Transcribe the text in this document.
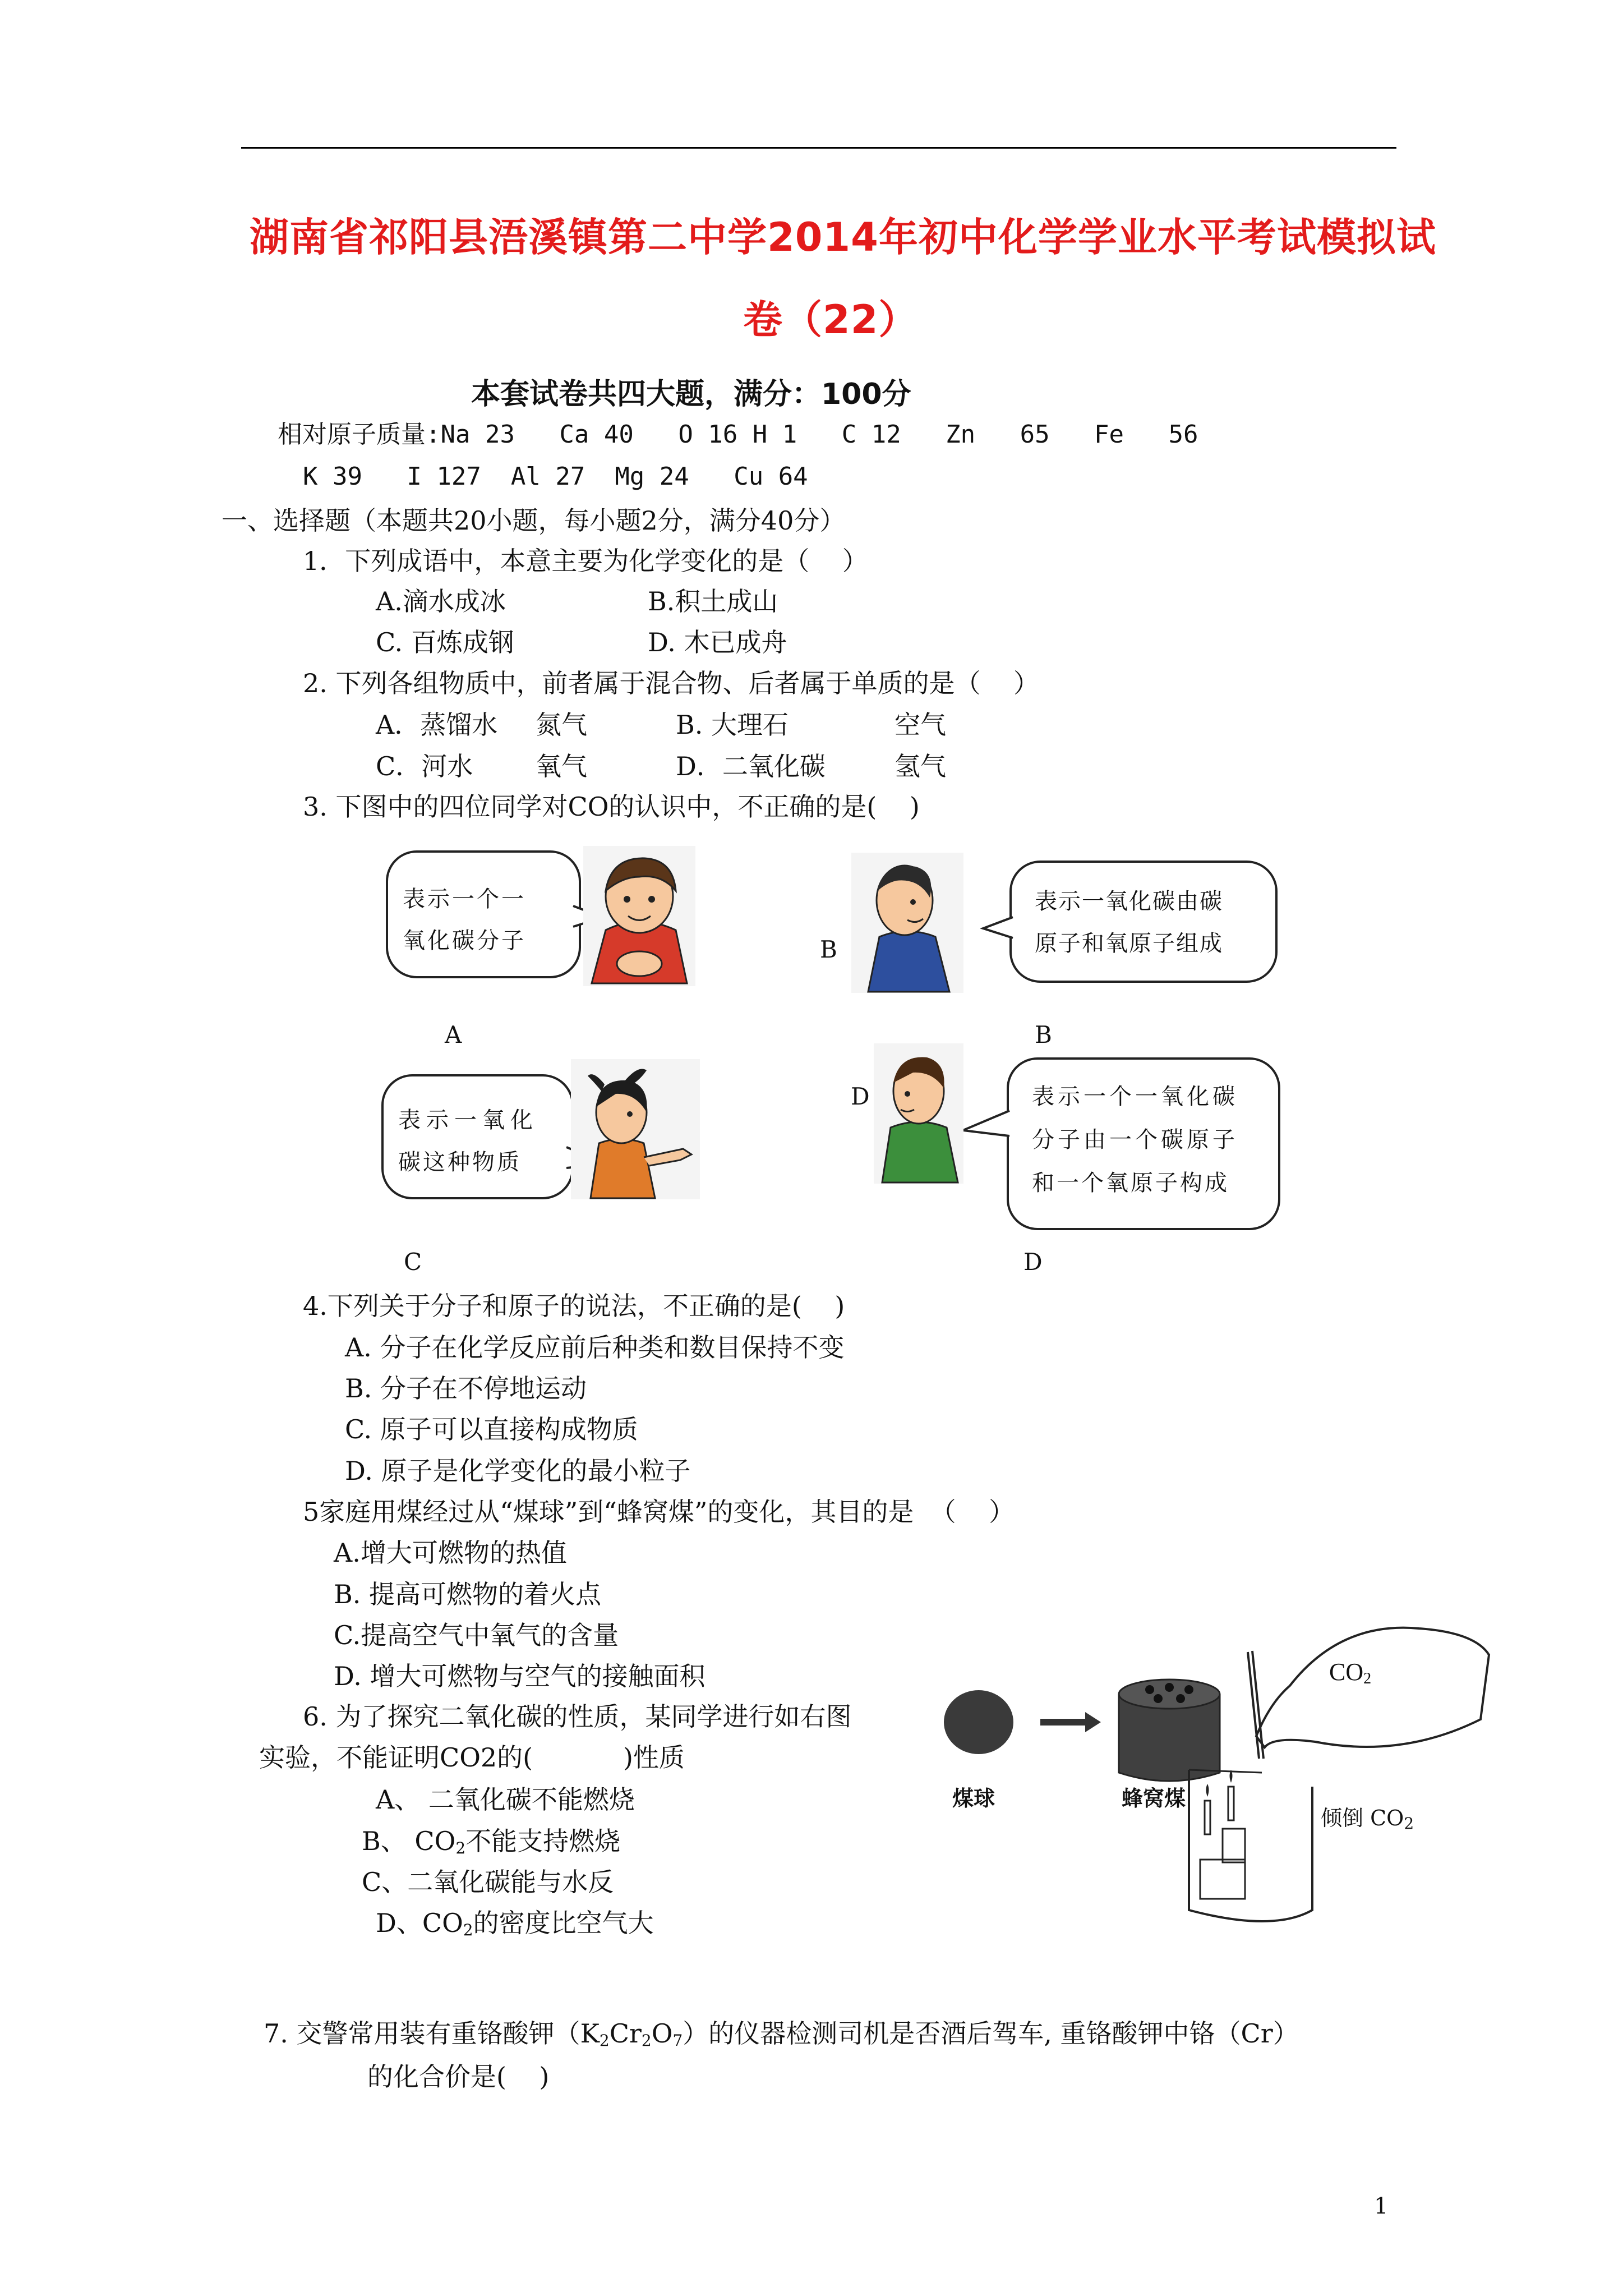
湖南省祁阳县浯溪镇第二中学2014年初中化学学业水平考试模拟试
卷（22）
本套试卷共四大题，满分：100分
相对原子质量:Na 23   Ca 40   O 16 H 1   C 12   Zn   65   Fe   56
K 39   I 127  Al 27  Mg 24   Cu 64
一、选择题（本题共20小题，每小题2分，满分40分）
1．下列成语中，本意主要为化学变化的是（    ）
A.滴水成冰	B.积土成山
C. 百炼成钢	D. 木已成舟
2. 下列各组物质中，前者属于混合物、后者属于单质的是（    ）
A．蒸馏水 氮气	B. 大理石	空气
C．河水 氧气	D．二氧化碳	氢气
3. 下图中的四位同学对CO的认识中，不正确的是(    )
表示一个一
氧化碳分子
表示一氧化碳由碳
原子和氧原子组成
B
A	B
表示一氧化
碳这种物质
表示一个一氧化碳
分子由一个碳原子
和一个氧原子构成
D
C	D
4.下列关于分子和原子的说法，不正确的是(    )
A. 分子在化学反应前后种类和数目保持不变
B. 分子在不停地运动
C. 原子可以直接构成物质
D. 原子是化学变化的最小粒子
5家庭用煤经过从“煤球”到“蜂窝煤”的变化，其目的是  （    ）
A.增大可燃物的热值
B. 提高可燃物的着火点
C.提高空气中氧气的含量
D. 增大可燃物与空气的接触面积
6. 为了探究二氧化碳的性质，某同学进行如右图
实验，不能证明CO2的(           )性质
A、 二氧化碳不能燃烧
B、 $CO_2$不能支持燃烧
C、二氧化碳能与水反
D、$CO_2$的密度比空气大
煤球	蜂窝煤
$CO_2$
倾倒 $CO_2$
7. 交警常用装有重铬酸钾$(K_2Cr_2O_7)$的仪器检测司机是否酒后驾车, 重铬酸钾中铬（Cr）
的化合价是(    )
1
